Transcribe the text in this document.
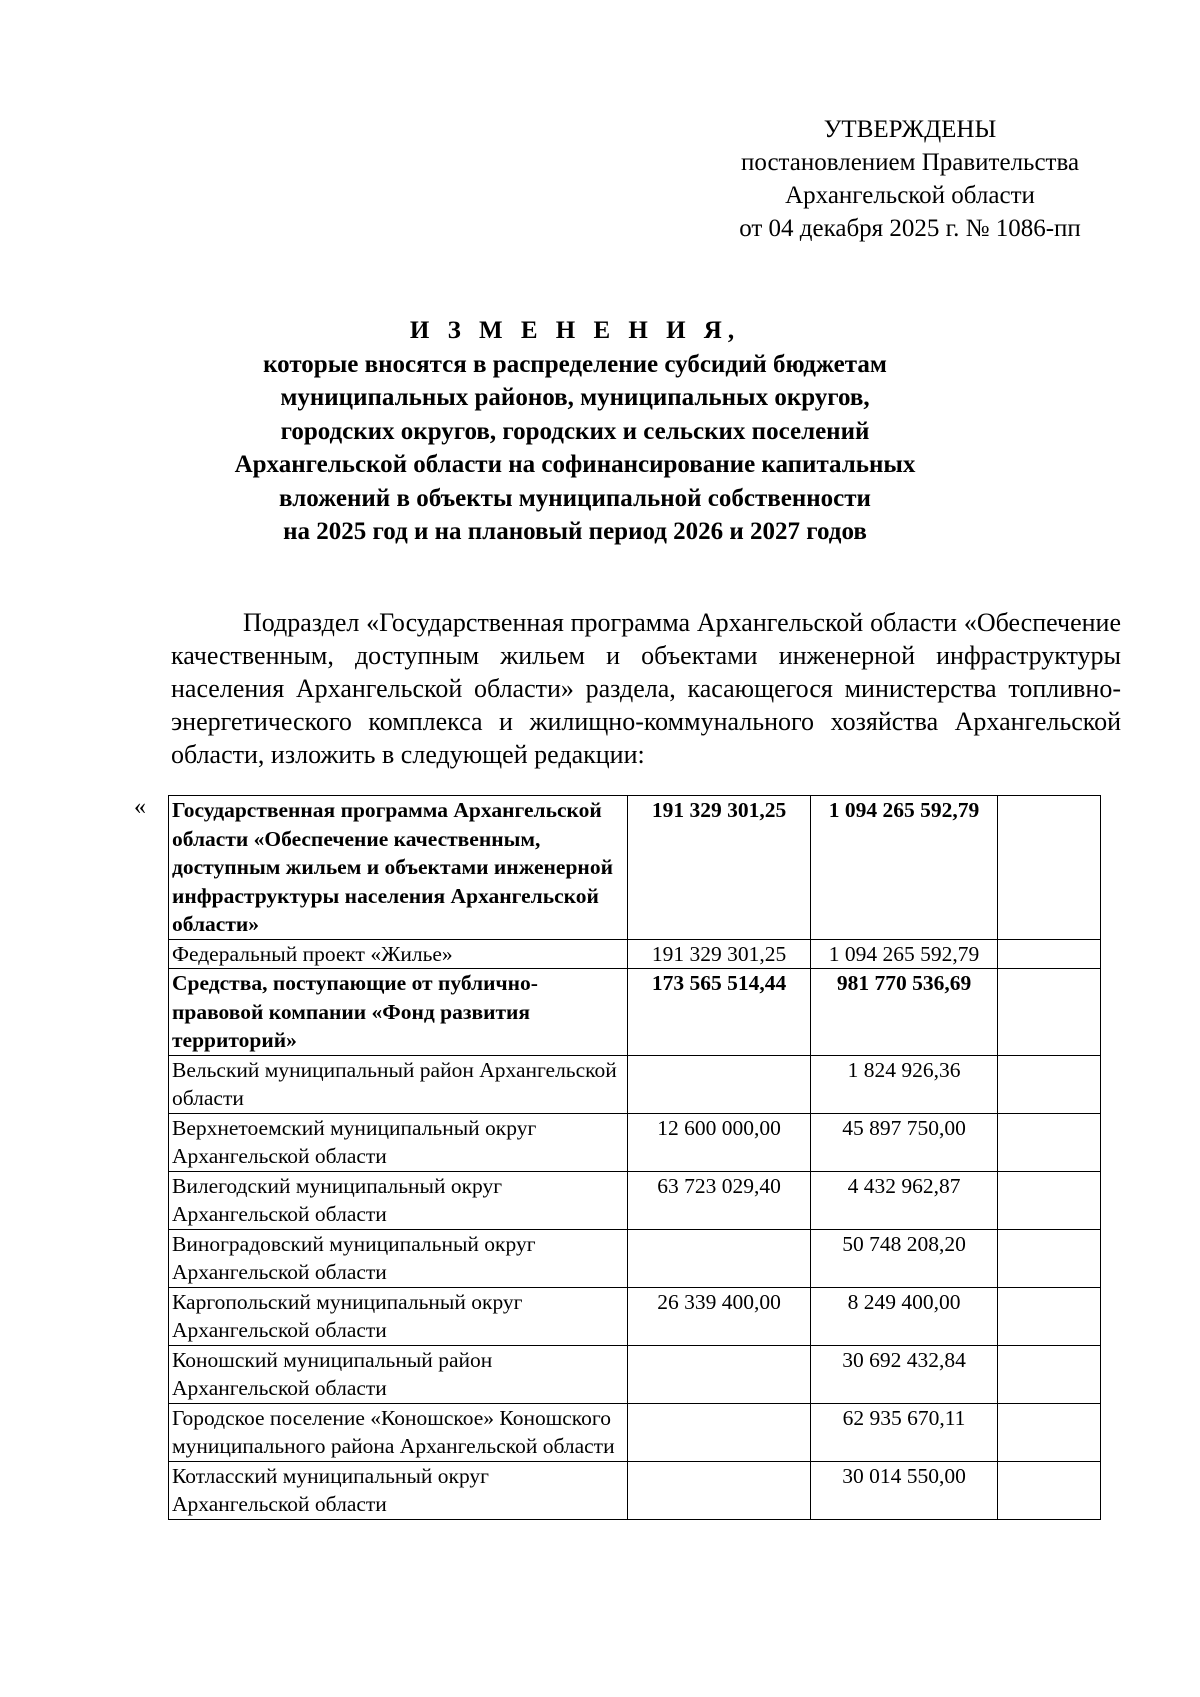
УТВЕРЖДЕНЫ
постановлением Правительства
Архангельской области
от 04 декабря 2025 г. № 1086-пп
И З М Е Н Е Н И Я,
которые вносятся в распределение субсидий бюджетам
муниципальных районов, муниципальных округов,
городских округов, городских и сельских поселений
Архангельской области на софинансирование капитальных
вложений в объекты муниципальной собственности
на 2025 год и на плановый период 2026 и 2027 годов
Подраздел «Государственная программа Архангельской области «Обеспечение качественным, доступным жильем и объектами инженерной инфраструктуры населения Архангельской области» раздела, касающегося министерства топливно-энергетического комплекса и жилищно-коммунального хозяйства Архангельской области, изложить в следующей редакции:
« Государственная программа Архангельской области «Обеспечение качественным, доступным жильем и объектами инженерной инфраструктуры населения Архангельской области»	191 329 301,25	1 094 265 592,79	
Федеральный проект «Жилье»	191 329 301,25	1 094 265 592,79	
Средства, поступающие от публично-правовой компании «Фонд развития территорий»	173 565 514,44	981 770 536,69	
Вельский муниципальный район Архангельской области		1 824 926,36	
Верхнетоемский муниципальный округ Архангельской области	12 600 000,00	45 897 750,00	
Вилегодский муниципальный округ Архангельской области	63 723 029,40	4 432 962,87	
Виноградовский муниципальный округ Архангельской области		50 748 208,20	
Каргопольский муниципальный округ Архангельской области	26 339 400,00	8 249 400,00	
Коношский муниципальный район Архангельской области		30 692 432,84	
Городское поселение «Коношское» Коношского муниципального района Архангельской области		62 935 670,11	
Котласский муниципальный округ Архангельской области		30 014 550,00	
